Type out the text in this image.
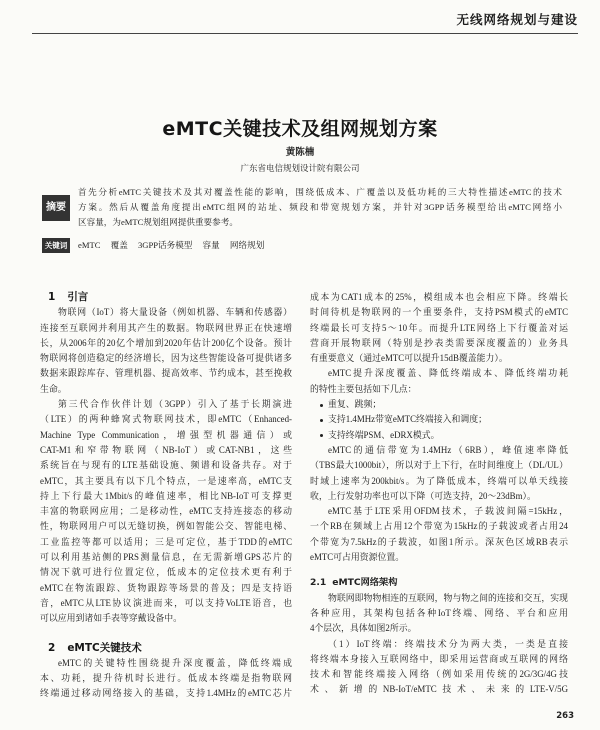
无线网络规划与建设
eMTC关键技术及组网规划方案
黄陈楠
广东省电信规划设计院有限公司
摘要
首先分析eMTC关键技术及其对覆盖性能的影响，围绕低成本、广覆盖以及低功耗的三大特性描述eMTC的技术
方案。然后从覆盖角度提出eMTC组网的站址、频段和带宽规划方案，并针对3GPP话务模型给出eMTC网络小
区容量，为eMTC规划组网提供重要参考。
关键词	eMTC 覆盖 3GPP话务模型 容量 网络规划
1 引言
物联网（IoT）将大量设备（例如机器、车辆和传感器）
连接至互联网并利用其产生的数据。物联网世界正在快速增
长，从2006年的20亿个增加到2020年估计200亿个设备。预计
物联网将创造稳定的经济增长，因为这些智能设备可提供诸多
数据来跟踪库存、管理机器、提高效率、节约成本，甚至挽救
生命。
第三代合作伙伴计划（3GPP）引入了基于长期演进
（LTE）的两种蜂窝式物联网技术，即eMTC（Enhanced-
Machine Type Communication，增强型机器通信）或
CAT-M1和窄带物联网（NB-IoT）或CAT-NB1，这些
系统旨在与现有的LTE基础设施、频谱和设备共存。对于
eMTC，其主要具有以下几个特点，一是速率高，eMTC支
持上下行最大1Mbit/s的峰值速率，相比NB-IoT可支撑更
丰富的物联网应用；二是移动性，eMTC支持连接态的移动
性，物联网用户可以无缝切换，例如智能公交、智能电梯、
工业监控等都可以适用；三是可定位，基于TDD的eMTC
可以利用基站侧的PRS测量信息，在无需新增GPS芯片的
情况下就可进行位置定位，低成本的定位技术更有利于
eMTC在物流跟踪、货物跟踪等场景的普及；四是支持语
音，eMTC从LTE协议演进而来，可以支持VoLTE语音，也
可以应用到诸如手表等穿戴设备中。
2 eMTC关键技术
eMTC的关键特性围绕提升深度覆盖，降低终端成
本、功耗，提升待机时长进行。低成本终端是指物联网
终端通过移动网络接入的基础，支持1.4MHz的eMTC芯片
成本为CAT1成本的25%，模组成本也会相应下降。终端长
时间待机是物联网的一个重要条件，支持PSM模式的eMTC
终端最长可支持5～10年。而提升LTE网络上下行覆盖对运
营商开展物联网（特别是抄表类需要深度覆盖的）业务具
有重要意义（通过eMTC可以提升15dB覆盖能力）。
eMTC提升深度覆盖、降低终端成本、降低终端功耗
的特性主要包括如下几点：
重复、跳频；
支持1.4MHz带宽eMTC终端接入和调度；
支持终端PSM、eDRX模式。
eMTC的通信带宽为1.4MHz（6RB），峰值速率降低
（TBS最大1000bit），所以对于上下行，在时间维度上（DL/UL）
时域上速率为200kbit/s。为了降低成本，终端可以单天线接
收，上行发射功率也可以下降（可选支持，20～23dBm）。
eMTC基于LTE采用OFDM技术，子载波间隔=15kHz，
一个RB在频域上占用12个带宽为15kHz的子载波或者占用24
个带宽为7.5kHz的子载波，如图1所示。深灰色区域RB表示
eMTC可占用资源位置。
2.1 eMTC网络架构
物联网即物物相连的互联网，物与物之间的连接和交互，实现
各种应用，其架构包括各种IoT终端、网络、平台和应用
4个层次，具体如图2所示。
（1）IoT终端：终端技术分为两大类，一类是直接
将终端本身接入互联网络中，即采用运营商或互联网的网络
技术和智能终端接入网络（例如采用传统的2G/3G/4G技
术、新增的NB-IoT/eMTC技术、未来的LTE-V/5G
263
